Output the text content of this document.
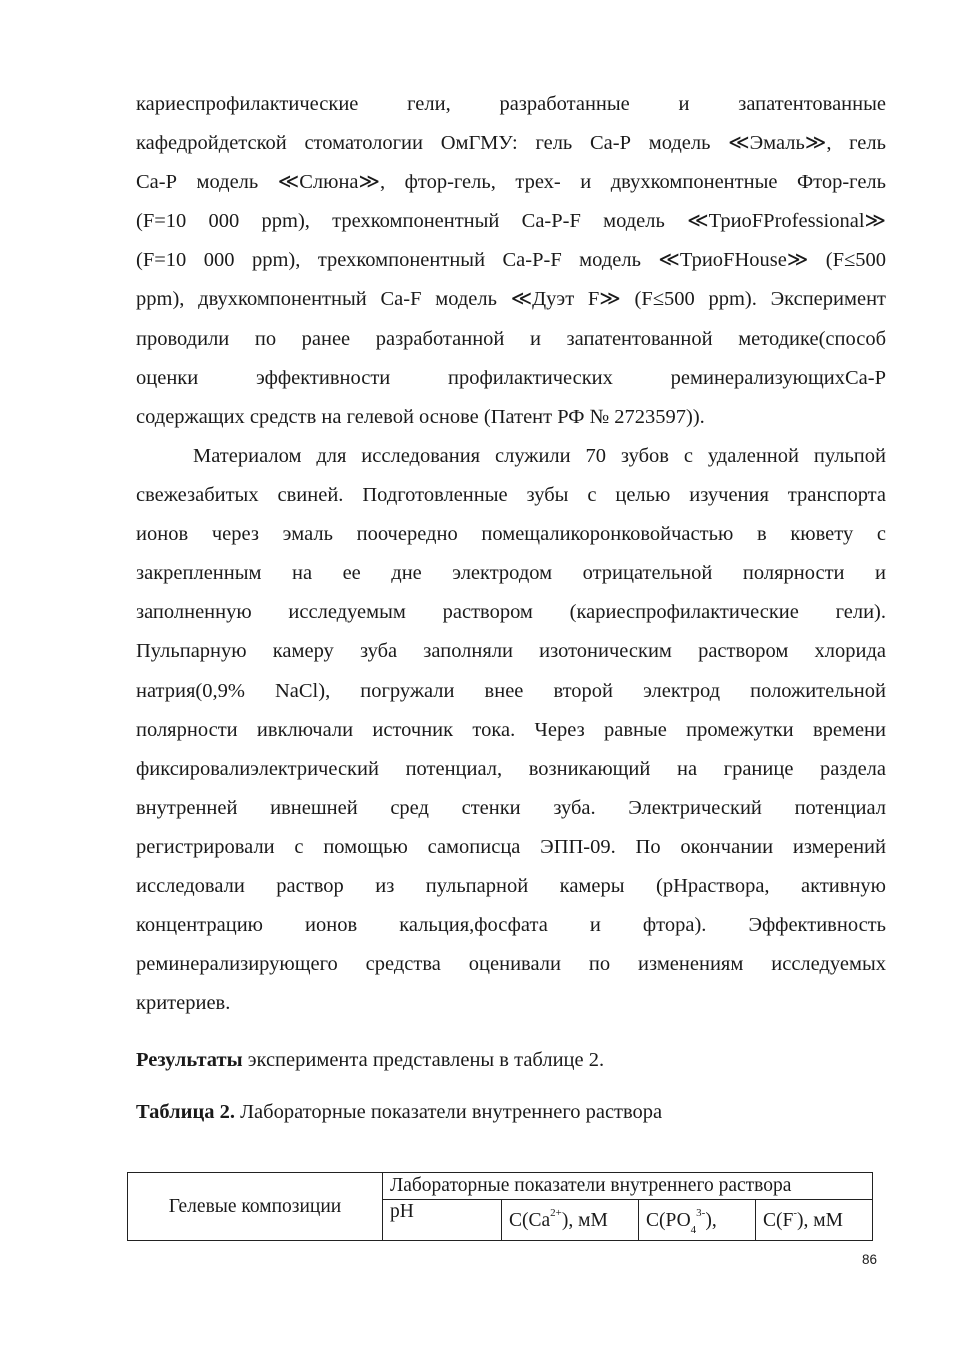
кариеспрофилактические гели, разработанные и запатентованные
кафедройдетской стоматологии ОмГМУ: гель Са-Р модель ≪Эмаль≫, гель
Са-Р модель ≪Слюна≫, фтор-гель, трех- и двухкомпонентные Фтор-гель
(F=10 000 ppm), трехкомпонентный Са-Р-F модель ≪ТриоFProfessional≫
(F=10 000 ppm), трехкомпонентный Са-Р-F модель ≪ТриоFHouse≫ (F≤500
ppm), двухкомпонентный Са-F модель ≪Дуэт F≫ (F≤500 ppm). Эксперимент
проводили по ранее разработанной и запатентованной методике(способ
оценки эффективности профилактических реминерализующихСа-Р
содержащих средств на гелевой основе (Патент РФ № 2723597)).
Материалом для исследования служили 70 зубов с удаленной пульпой
свежезабитых свиней. Подготовленные зубы с целью изучения транспорта
ионов через эмаль поочередно помещаликоронковойчастью в кювету с
закрепленным на ее дне электродом отрицательной полярности и
заполненную исследуемым раствором (кариеспрофилактические гели).
Пульпарную камеру зуба заполняли изотоническим раствором хлорида
натрия(0,9% NaCl), погружали внее второй электрод положительной
полярности ивключали источник тока. Через равные промежутки времени
фиксировалиэлектрический потенциал, возникающий на границе раздела
внутренней ивнешней сред стенки зуба. Электрический потенциал
регистрировали с помощью самописца ЭПП-09. По окончании измерений
исследовали раствор из пульпарной камеры (рНраствора, активную
концентрацию ионов кальция,фосфата и фтора). Эффективность
реминерализирующего средства оценивали по изменениям исследуемых
критериев.
Результаты эксперимента представлены в таблице 2.
Таблица 2. Лабораторные показатели внутреннего раствора
Гелевые композиции	Лабораторные показатели внутреннего раствора			
	pH	$С(Са^{2+})$, мМ	$С(РО_4^{3-})$,	С(F-), мМ
86
